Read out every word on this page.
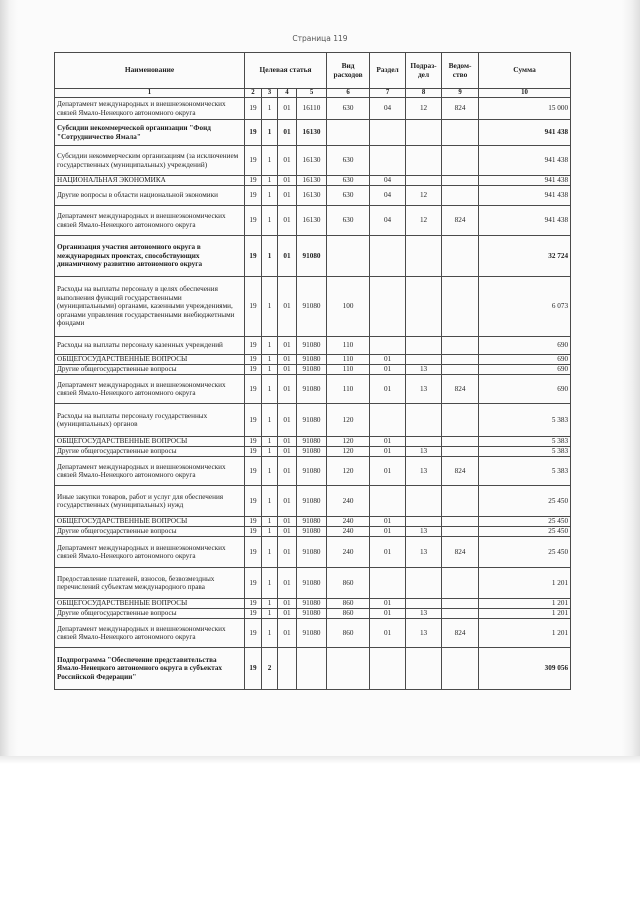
Страница 119
Наименование	Целевая статья				Вид расходов	Раздел	Подраз-дел	Ведом-ство	Сумма
1	2	3	4	5	6	7	8	9	10
Департамент международных и внешнеэкономических связей Ямало-Ненецкого автономного округа	19	1	01	16110	630	04	12	824	15 000
Субсидии некоммерческой организации "Фонд "Сотрудничество Ямала"	19	1	01	16130					941 438
Субсидии некоммерческим организациям (за исключением государственных (муниципальных) учреждений)	19	1	01	16130	630				941 438
НАЦИОНАЛЬНАЯ ЭКОНОМИКА	19	1	01	16130	630	04			941 438
Другие вопросы в области национальной экономики	19	1	01	16130	630	04	12		941 438
Департамент международных и внешнеэкономических связей Ямало-Ненецкого автономного округа	19	1	01	16130	630	04	12	824	941 438
Организация участия автономного округа в международных проектах, способствующих динамичному развитию автономного округа	19	1	01	91080					32 724
Расходы на выплаты персоналу в целях обеспечения выполнения функций государственными (муниципальными) органами, казенными учреждениями, органами управления государственными внебюджетными фондами	19	1	01	91080	100				6 073
Расходы на выплаты персоналу казенных учреждений	19	1	01	91080	110				690
ОБЩЕГОСУДАРСТВЕННЫЕ ВОПРОСЫ	19	1	01	91080	110	01			690
Другие общегосударственные вопросы	19	1	01	91080	110	01	13		690
Департамент международных и внешнеэкономических связей Ямало-Ненецкого автономного округа	19	1	01	91080	110	01	13	824	690
Расходы на выплаты персоналу государственных (муниципальных) органов	19	1	01	91080	120				5 383
ОБЩЕГОСУДАРСТВЕННЫЕ ВОПРОСЫ	19	1	01	91080	120	01			5 383
Другие общегосударственные вопросы	19	1	01	91080	120	01	13		5 383
Департамент международных и внешнеэкономических связей Ямало-Ненецкого автономного округа	19	1	01	91080	120	01	13	824	5 383
Иные закупки товаров, работ и услуг для обеспечения государственных (муниципальных) нужд	19	1	01	91080	240				25 450
ОБЩЕГОСУДАРСТВЕННЫЕ ВОПРОСЫ	19	1	01	91080	240	01			25 450
Другие общегосударственные вопросы	19	1	01	91080	240	01	13		25 450
Департамент международных и внешнеэкономических связей Ямало-Ненецкого автономного округа	19	1	01	91080	240	01	13	824	25 450
Предоставление платежей, взносов, безвозмездных перечислений субъектам международного права	19	1	01	91080	860				1 201
ОБЩЕГОСУДАРСТВЕННЫЕ ВОПРОСЫ	19	1	01	91080	860	01			1 201
Другие общегосударственные вопросы	19	1	01	91080	860	01	13		1 201
Департамент международных и внешнеэкономических связей Ямало-Ненецкого автономного округа	19	1	01	91080	860	01	13	824	1 201
Подпрограмма "Обеспечение представительства Ямало-Ненецкого автономного округа в субъектах Российской Федерации"	19	2							309 056
